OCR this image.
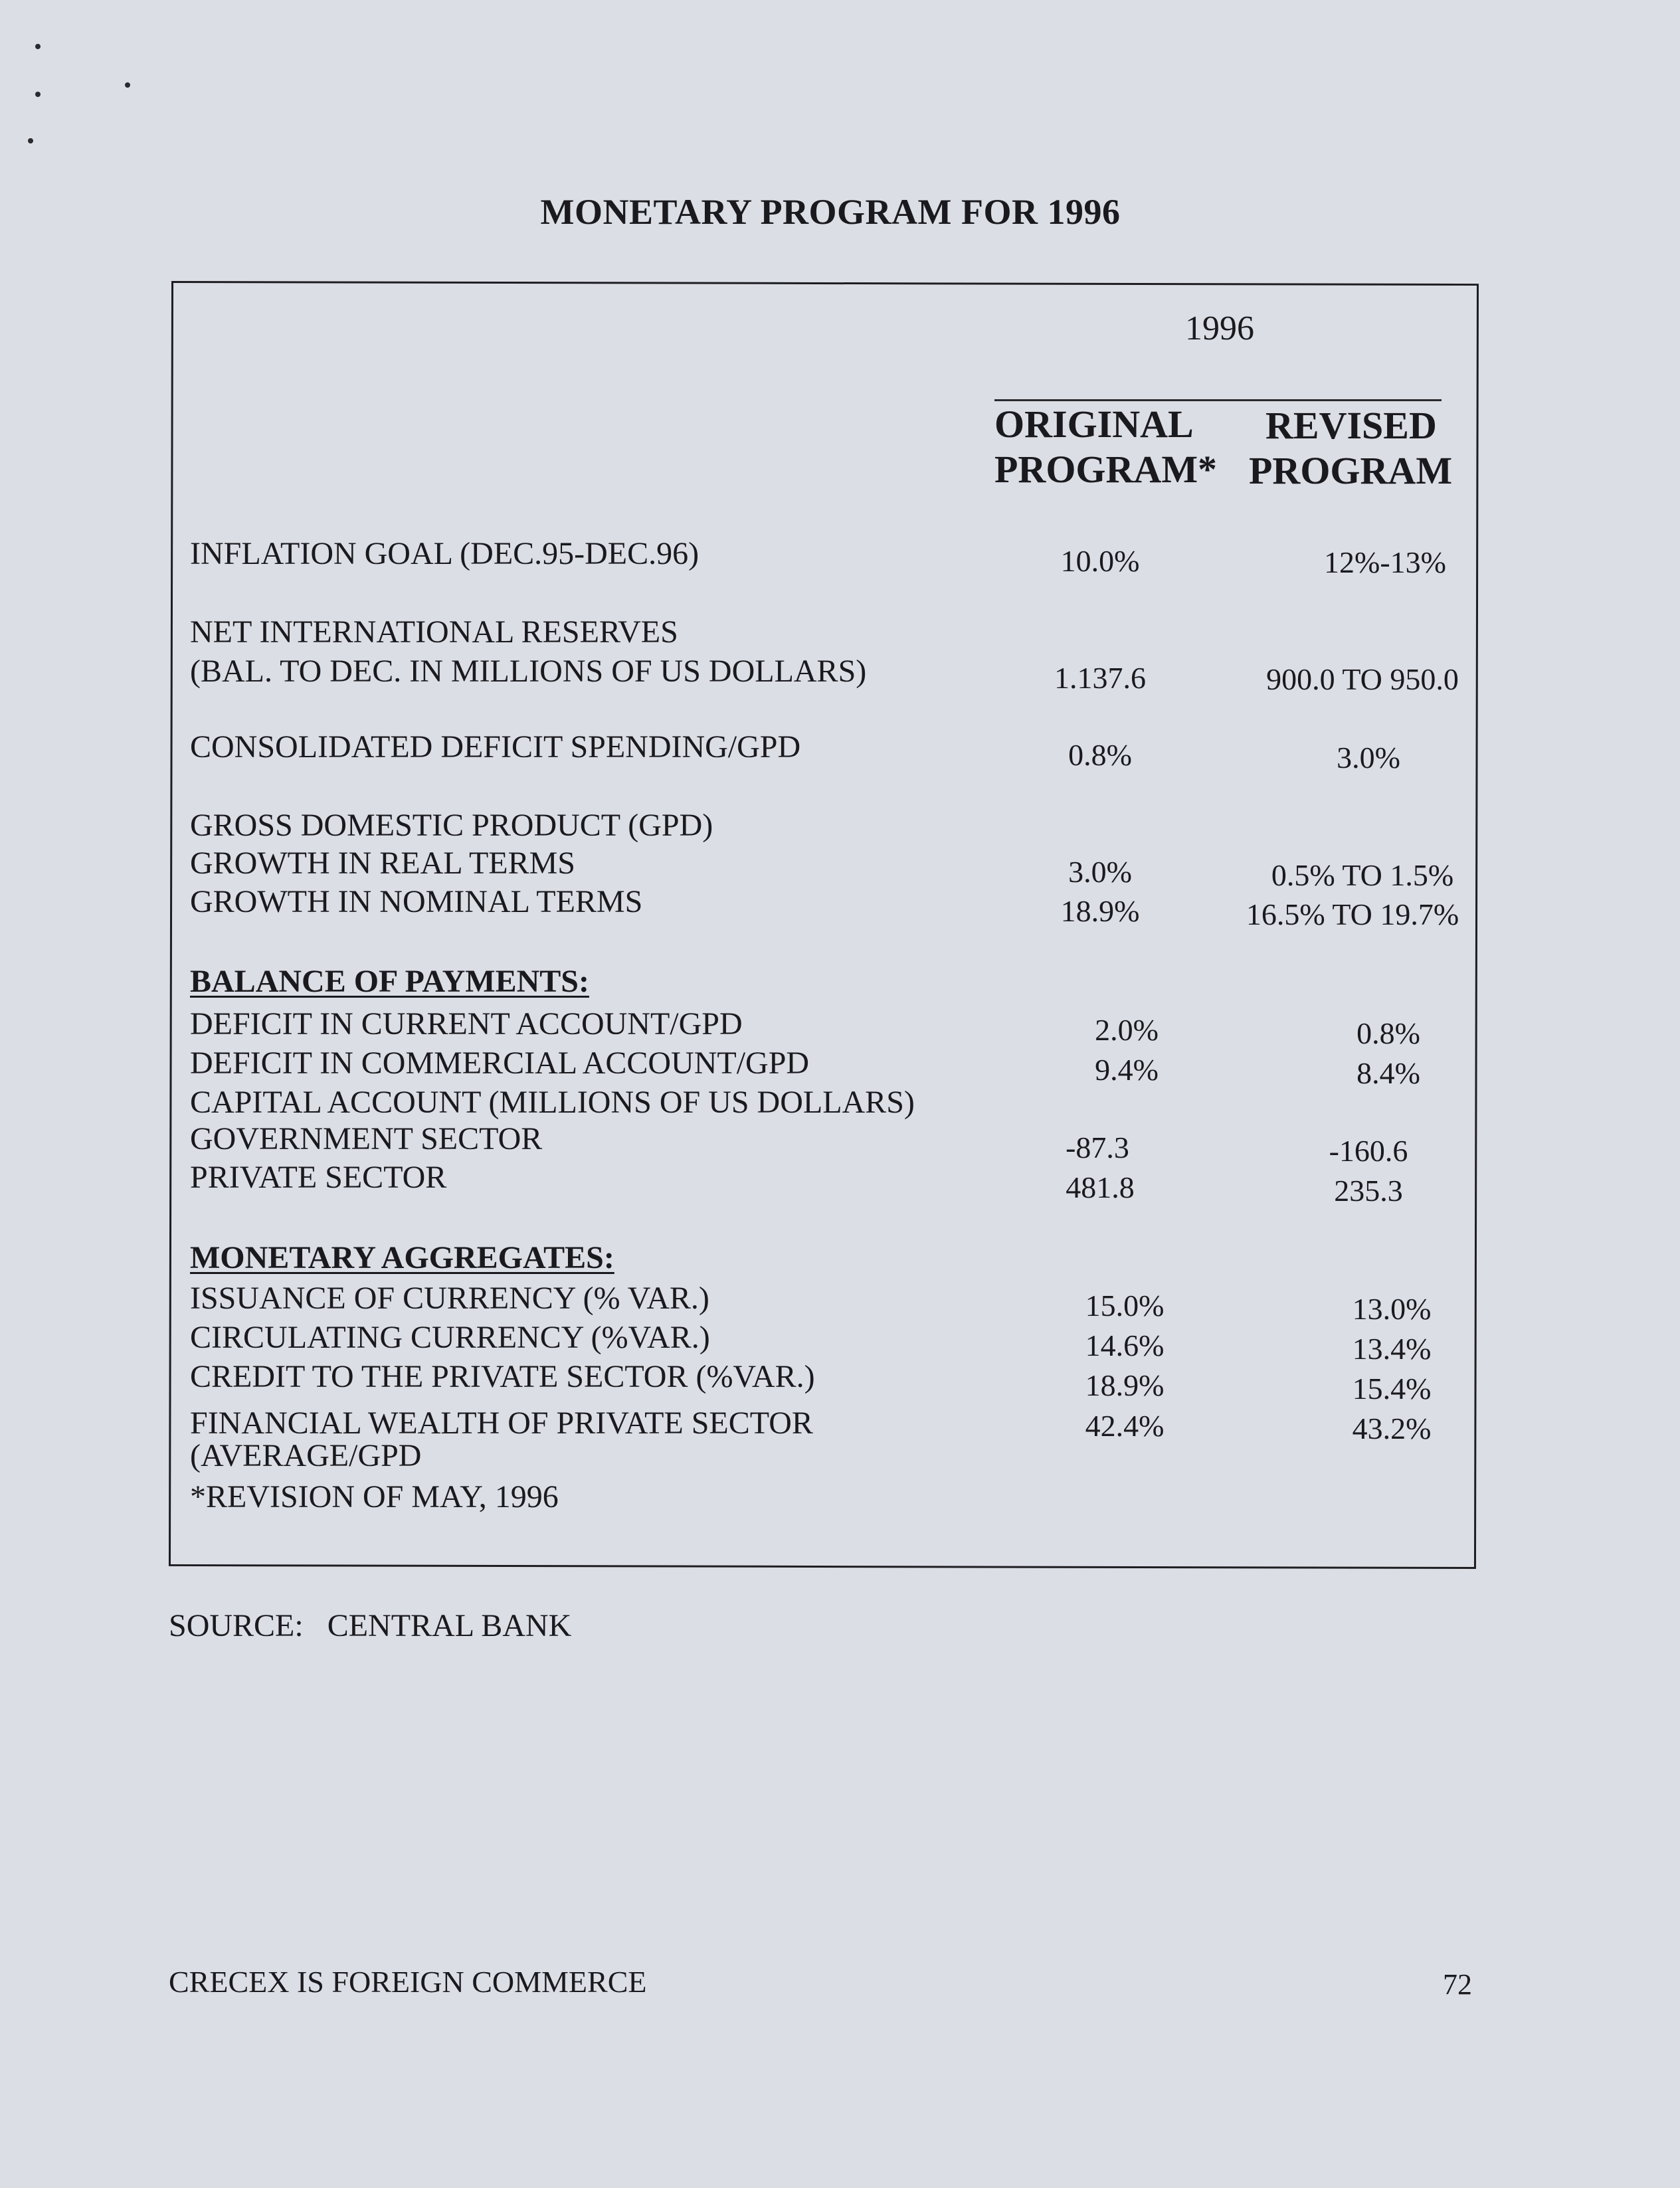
MONETARY PROGRAM FOR 1996
1996
ORIGINAL
PROGRAM*
REVISED
PROGRAM
INFLATION GOAL (DEC.95-DEC.96)
NET INTERNATIONAL RESERVES
(BAL. TO DEC. IN MILLIONS OF US DOLLARS)
CONSOLIDATED DEFICIT SPENDING/GPD
GROSS DOMESTIC PRODUCT (GPD)
GROWTH IN REAL TERMS
GROWTH IN NOMINAL TERMS
BALANCE OF PAYMENTS:
DEFICIT IN CURRENT ACCOUNT/GPD
DEFICIT IN COMMERCIAL ACCOUNT/GPD
CAPITAL ACCOUNT (MILLIONS OF US DOLLARS)
GOVERNMENT SECTOR
PRIVATE SECTOR
MONETARY AGGREGATES:
ISSUANCE OF CURRENCY (% VAR.)
CIRCULATING CURRENCY (%VAR.)
CREDIT TO THE PRIVATE SECTOR (%VAR.)
FINANCIAL WEALTH OF PRIVATE SECTOR
(AVERAGE/GPD
*REVISION OF MAY, 1996
10.0%
1.137.6
0.8%
3.0%
18.9%
2.0%
9.4%
-87.3
481.8
15.0%
14.6%
18.9%
42.4%
12%-13%
900.0 TO 950.0
3.0%
0.5% TO 1.5%
16.5% TO 19.7%
0.8%
8.4%
-160.6
235.3
13.0%
13.4%
15.4%
43.2%
SOURCE:   CENTRAL BANK
CRECEX IS FOREIGN COMMERCE	72
